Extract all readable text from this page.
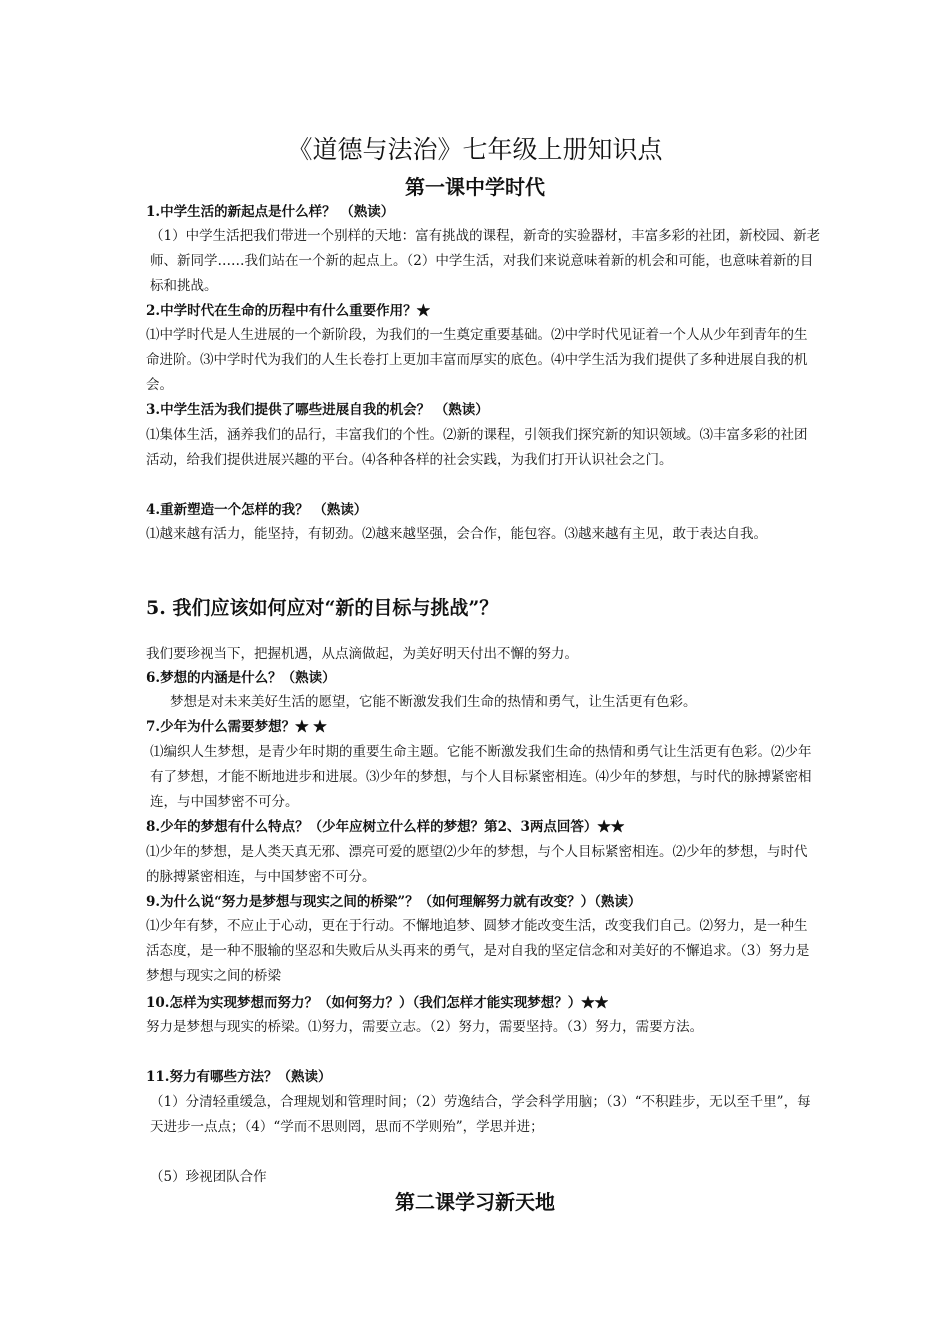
《道德与法治》七年级上册知识点
第一课中学时代

1.中学生活的新起点是什么样？ （熟读）

（1）中学生活把我们带进一个别样的天地：富有挑战的课程，新奇的实验器材，丰富多彩的社团，新校园、新老师、新同学……我们站在一个新的起点上。（2）中学生活，对我们来说意味着新的机会和可能，也意味着新的目标和挑战。

2.中学时代在生命的历程中有什么重要作用？★

⑴中学时代是人生进展的一个新阶段，为我们的一生奠定重要基础。⑵中学时代见证着一个人从少年到青年的生命进阶。⑶中学时代为我们的人生长卷打上更加丰富而厚实的底色。⑷中学生活为我们提供了多种进展自我的机会。

3.中学生活为我们提供了哪些进展自我的机会？ （熟读）

⑴集体生活，涵养我们的品行，丰富我们的个性。⑵新的课程，引领我们探究新的知识领域。⑶丰富多彩的社团活动，给我们提供进展兴趣的平台。⑷各种各样的社会实践，为我们打开认识社会之门。

4.重新塑造一个怎样的我？ （熟读）

⑴越来越有活力，能坚持，有韧劲。⑵越来越坚强，会合作，能包容。⑶越来越有主见，敢于表达自我。

5. 我们应该如何应对“新的目标与挑战”？

我们要珍视当下，把握机遇，从点滴做起，为美好明天付出不懈的努力。

6.梦想的内涵是什么？（熟读）

梦想是对未来美好生活的愿望，它能不断激发我们生命的热情和勇气，让生活更有色彩。

7.少年为什么需要梦想？★ ★

⑴编织人生梦想，是青少年时期的重要生命主题。它能不断激发我们生命的热情和勇气让生活更有色彩。⑵少年有了梦想，才能不断地进步和进展。⑶少年的梦想，与个人目标紧密相连。⑷少年的梦想，与时代的脉搏紧密相连，与中国梦密不可分。

8.少年的梦想有什么特点？（少年应树立什么样的梦想？第2、3两点回答）★★

⑴少年的梦想，是人类天真无邪、漂亮可爱的愿望⑵少年的梦想，与个人目标紧密相连。⑵少年的梦想，与时代的脉搏紧密相连，与中国梦密不可分。

9.为什么说“努力是梦想与现实之间的桥梁”？（如何理解努力就有改变？）（熟读）

⑴少年有梦，不应止于心动，更在于行动。不懈地追梦、圆梦才能改变生活，改变我们自己。⑵努力，是一种生活态度，是一种不服输的坚忍和失败后从头再来的勇气，是对自我的坚定信念和对美好的不懈追求。（3）努力是梦想与现实之间的桥梁

10.怎样为实现梦想而努力？（如何努力？）（我们怎样才能实现梦想？）★★

努力是梦想与现实的桥梁。⑴努力，需要立志。（2）努力，需要坚持。（3）努力，需要方法。

11.努力有哪些方法？（熟读）

（1）分清轻重缓急，合理规划和管理时间；（2）劳逸结合，学会科学用脑；（3）“不积跬步，无以至千里”，每天进步一点点；（4）“学而不思则罔，思而不学则殆”，学思并进；

（5）珍视团队合作

第二课学习新天地
